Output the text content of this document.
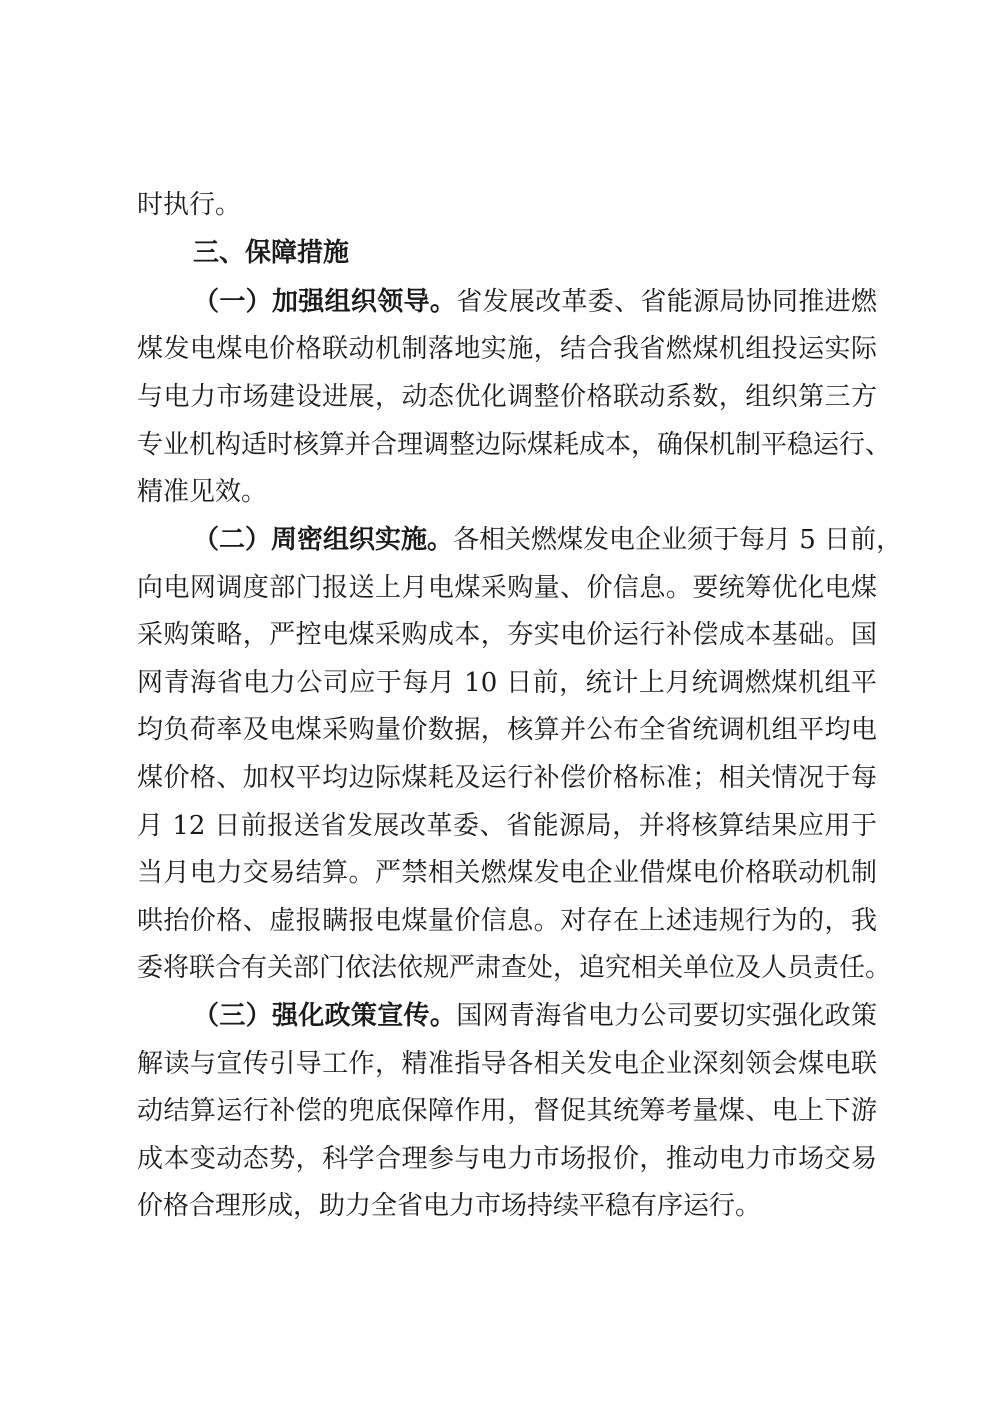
时执行。
三、保障措施
（一）加强组织领导。省发展改革委、省能源局协同推进燃
煤发电煤电价格联动机制落地实施，结合我省燃煤机组投运实际
与电力市场建设进展，动态优化调整价格联动系数，组织第三方
专业机构适时核算并合理调整边际煤耗成本，确保机制平稳运行、
精准见效。
（二）周密组织实施。各相关燃煤发电企业须于每月 5 日前，
向电网调度部门报送上月电煤采购量、价信息。要统筹优化电煤
采购策略，严控电煤采购成本，夯实电价运行补偿成本基础。国
网青海省电力公司应于每月 10 日前，统计上月统调燃煤机组平
均负荷率及电煤采购量价数据，核算并公布全省统调机组平均电
煤价格、加权平均边际煤耗及运行补偿价格标准；相关情况于每
月 12 日前报送省发展改革委、省能源局，并将核算结果应用于
当月电力交易结算。严禁相关燃煤发电企业借煤电价格联动机制
哄抬价格、虚报瞒报电煤量价信息。对存在上述违规行为的，我
委将联合有关部门依法依规严肃查处，追究相关单位及人员责任。
（三）强化政策宣传。国网青海省电力公司要切实强化政策
解读与宣传引导工作，精准指导各相关发电企业深刻领会煤电联
动结算运行补偿的兜底保障作用，督促其统筹考量煤、电上下游
成本变动态势，科学合理参与电力市场报价，推动电力市场交易
价格合理形成，助力全省电力市场持续平稳有序运行。
